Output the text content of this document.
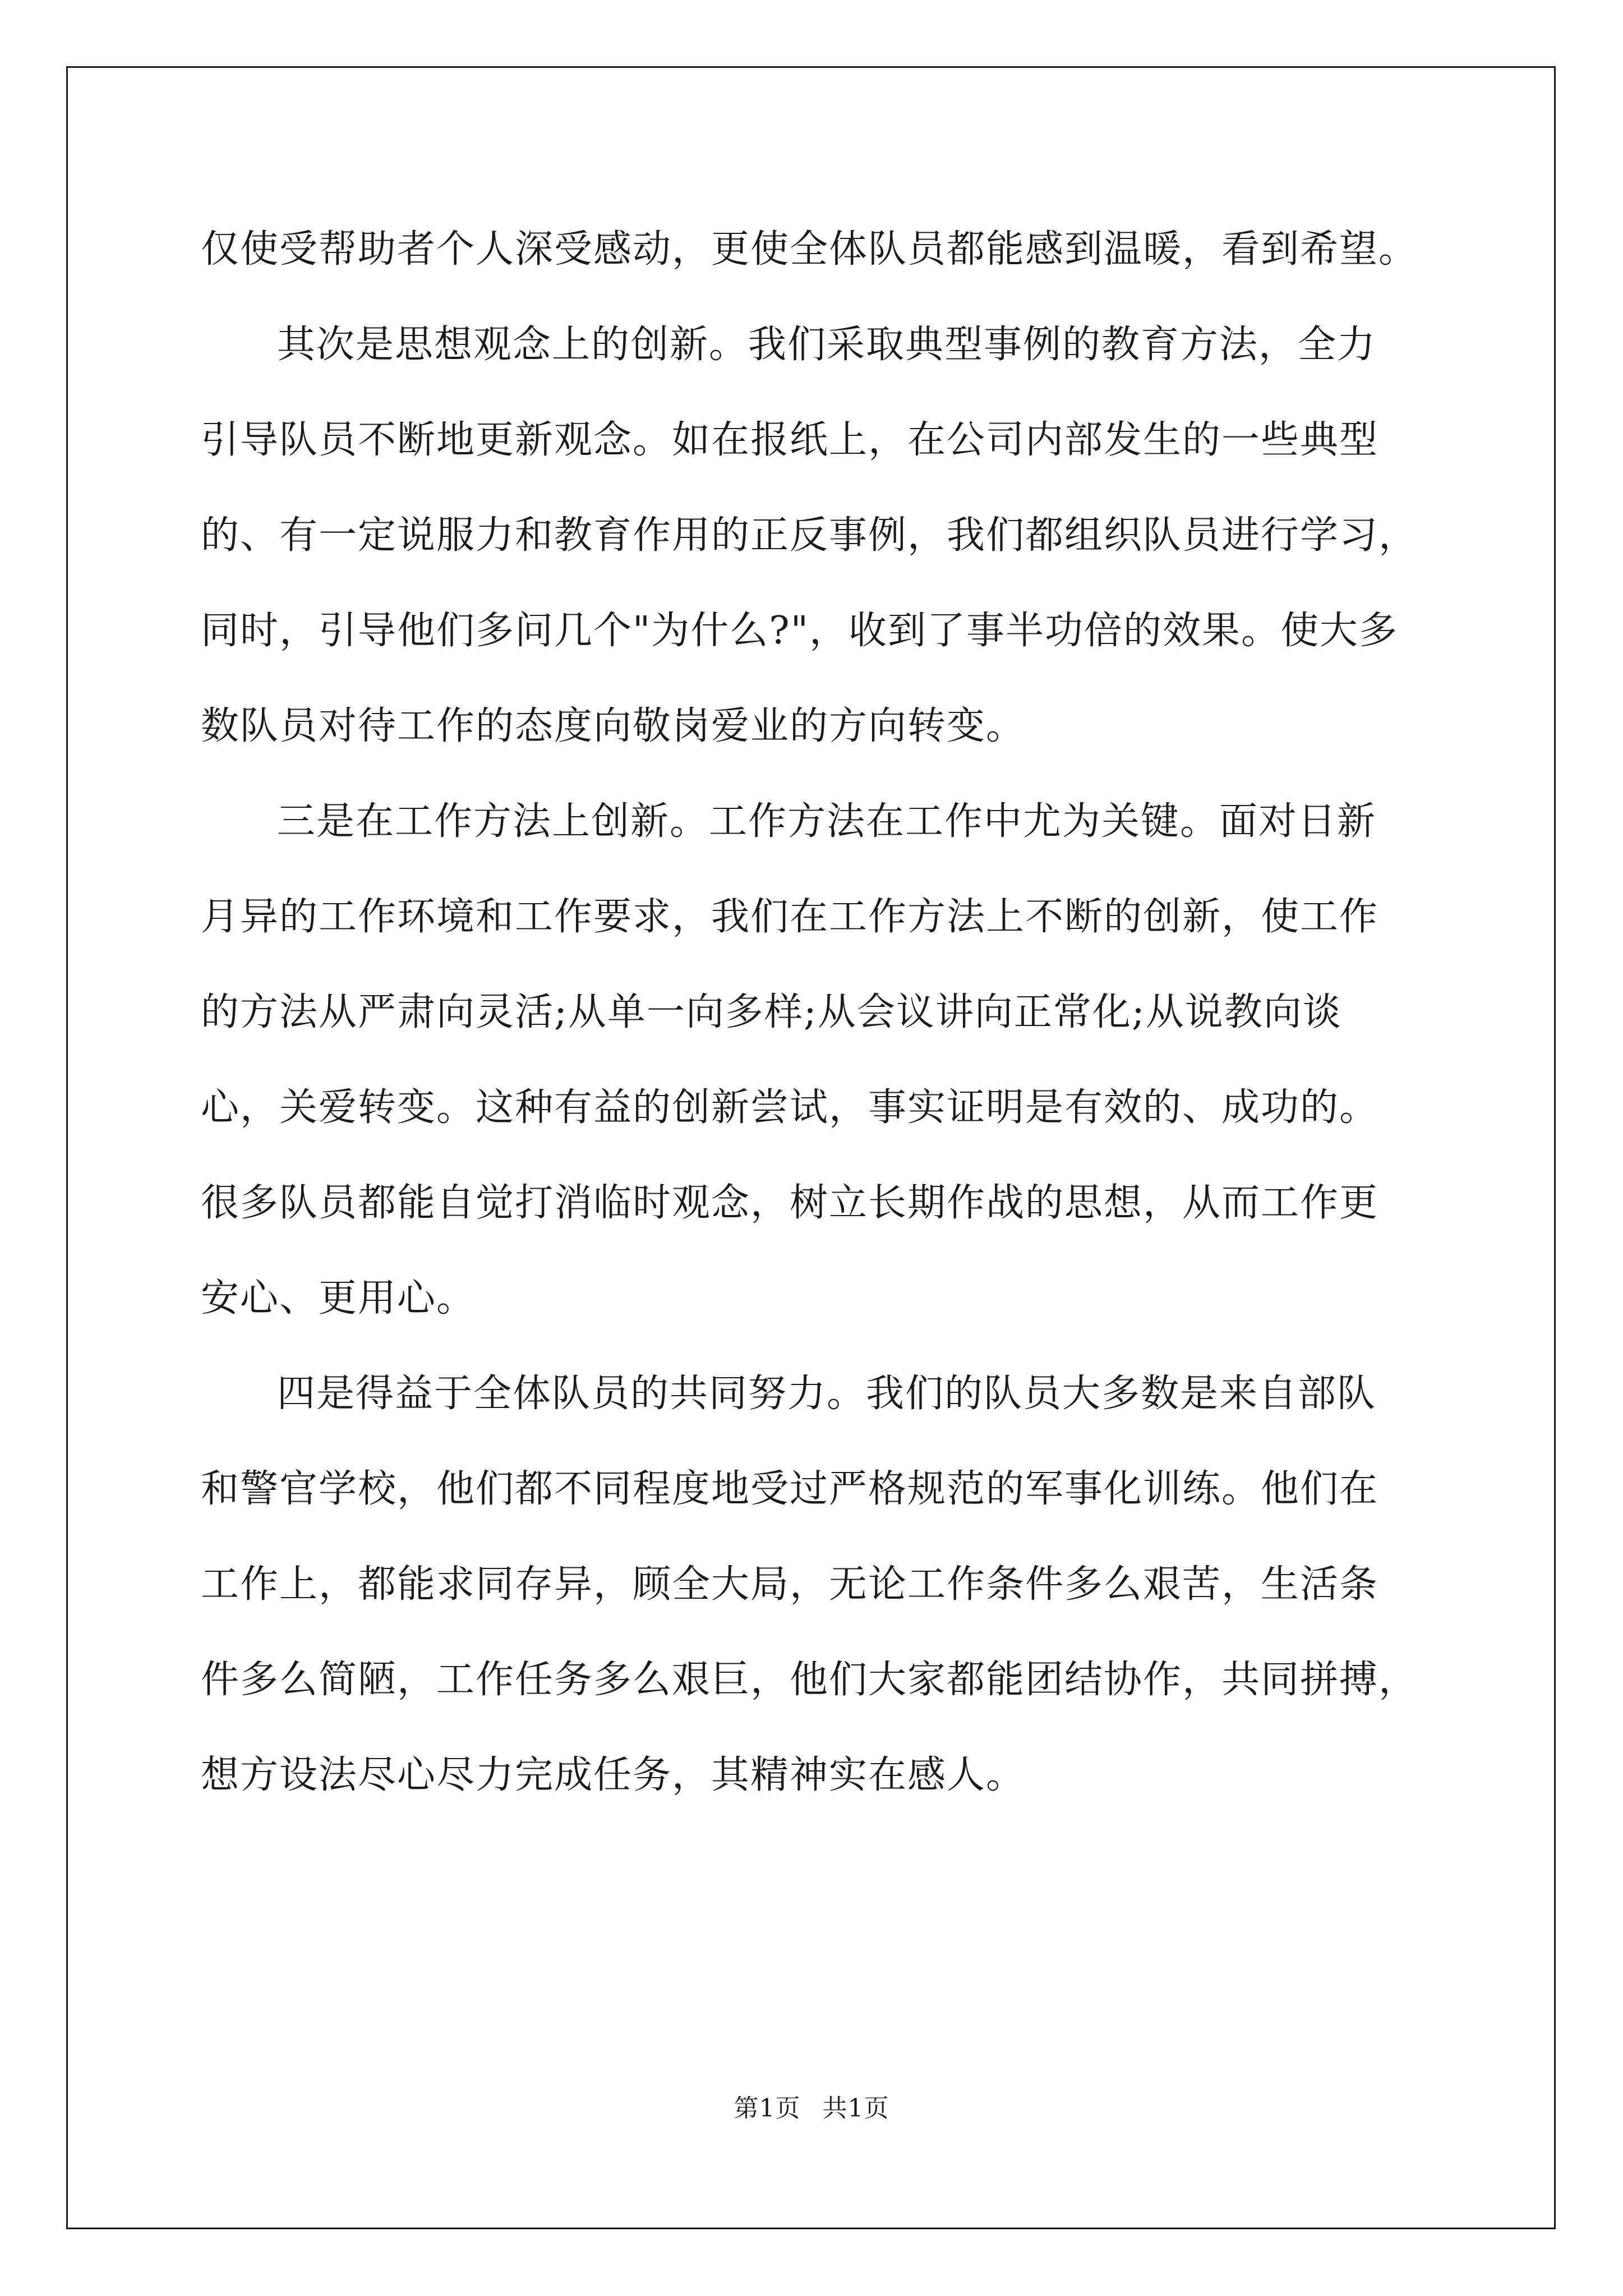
仅使受帮助者个人深受感动，更使全体队员都能感到温暖，看到希望。
其次是思想观念上的创新。我们采取典型事例的教育方法，全力
引导队员不断地更新观念。如在报纸上，在公司内部发生的一些典型
的、有一定说服力和教育作用的正反事例，我们都组织队员进行学习，
同时，引导他们多问几个"为什么?"，收到了事半功倍的效果。使大多
数队员对待工作的态度向敬岗爱业的方向转变。
三是在工作方法上创新。工作方法在工作中尤为关键。面对日新
月异的工作环境和工作要求，我们在工作方法上不断的创新，使工作
的方法从严肃向灵活;从单一向多样;从会议讲向正常化;从说教向谈
心，关爱转变。这种有益的创新尝试，事实证明是有效的、成功的。
很多队员都能自觉打消临时观念，树立长期作战的思想，从而工作更
安心、更用心。
四是得益于全体队员的共同努力。我们的队员大多数是来自部队
和警官学校，他们都不同程度地受过严格规范的军事化训练。他们在
工作上，都能求同存异，顾全大局，无论工作条件多么艰苦，生活条
件多么简陋，工作任务多么艰巨，他们大家都能团结协作，共同拼搏，
想方设法尽心尽力完成任务，其精神实在感人。
第1页 共1页
